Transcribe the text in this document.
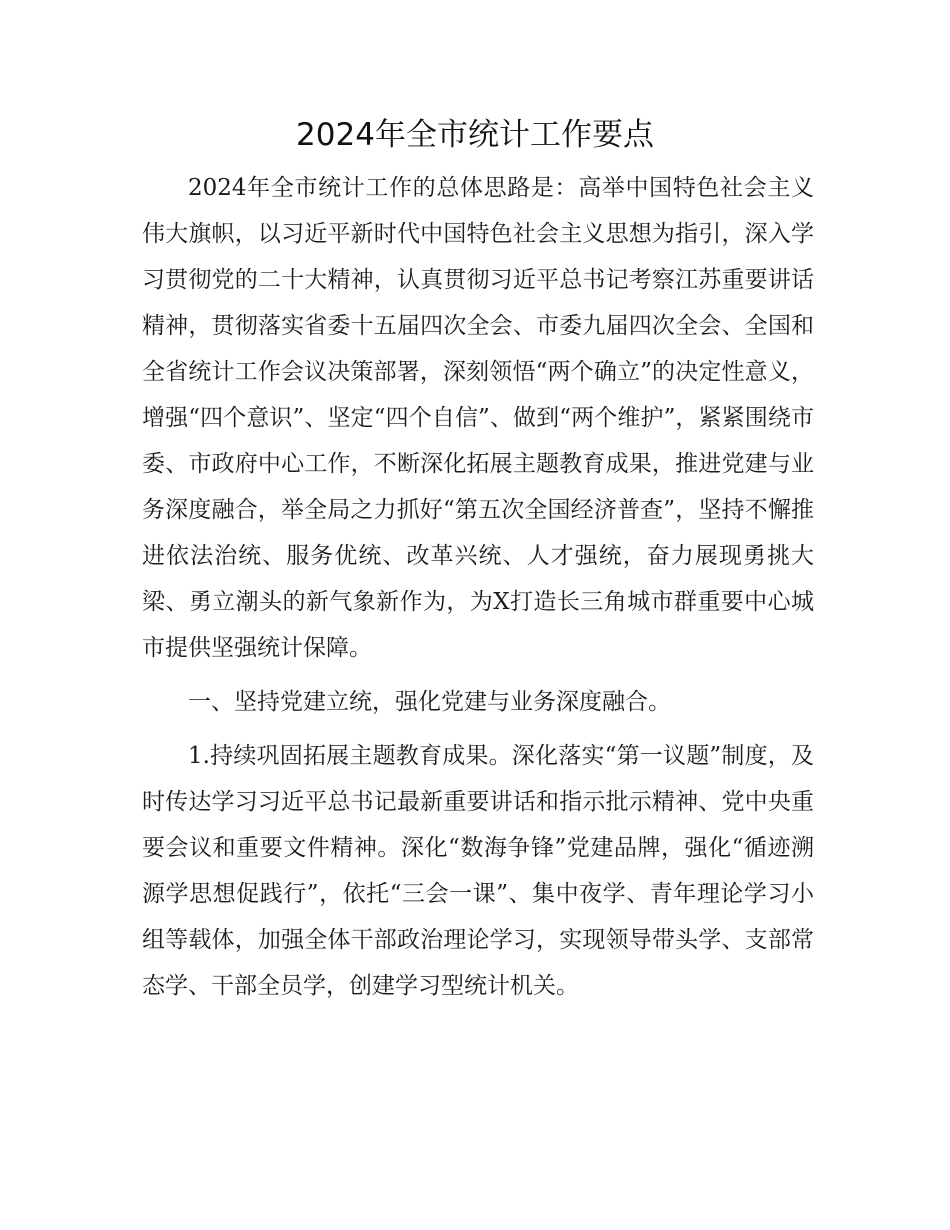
2024年全市统计工作要点

2024年全市统计工作的总体思路是：高举中国特色社会主义伟大旗帜，以习近平新时代中国特色社会主义思想为指引，深入学习贯彻党的二十大精神，认真贯彻习近平总书记考察江苏重要讲话精神，贯彻落实省委十五届四次全会、市委九届四次全会、全国和全省统计工作会议决策部署，深刻领悟“两个确立”的决定性意义，增强“四个意识”、坚定“四个自信”、做到“两个维护”，紧紧围绕市委、市政府中心工作，不断深化拓展主题教育成果，推进党建与业务深度融合，举全局之力抓好“第五次全国经济普查”，坚持不懈推进依法治统、服务优统、改革兴统、人才强统，奋力展现勇挑大梁、勇立潮头的新气象新作为，为X打造长三角城市群重要中心城市提供坚强统计保障。

一、坚持党建立统，强化党建与业务深度融合。

1.持续巩固拓展主题教育成果。深化落实“第一议题”制度，及时传达学习习近平总书记最新重要讲话和指示批示精神、党中央重要会议和重要文件精神。深化“数海争锋”党建品牌，强化“循迹溯源学思想促践行”，依托“三会一课”、集中夜学、青年理论学习小组等载体，加强全体干部政治理论学习，实现领导带头学、支部常态学、干部全员学，创建学习型统计机关。
